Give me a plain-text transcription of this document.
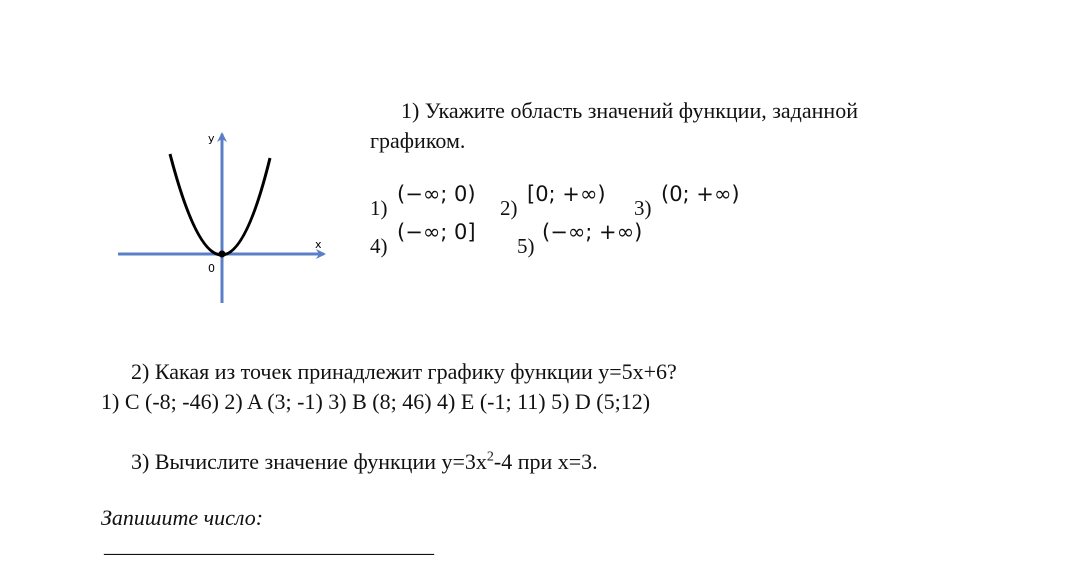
y
x
0
1) Укажите область значений функции, заданной
графиком.
1)
(−∞; 0)
2)
[0; +∞)
3)
(0; +∞)
4)
(−∞; 0]
5)
(−∞; +∞)
2) Какая из точек принадлежит графику функции y=5x+6?
1) C (-8; -46) 2) A (3; -1) 3) B (8; 46) 4) E (-1; 11) 5) D (5;12)
3) Вычислите значение функции $y=3x^2-4$ при x=3.
Запишите число:
______________________________
